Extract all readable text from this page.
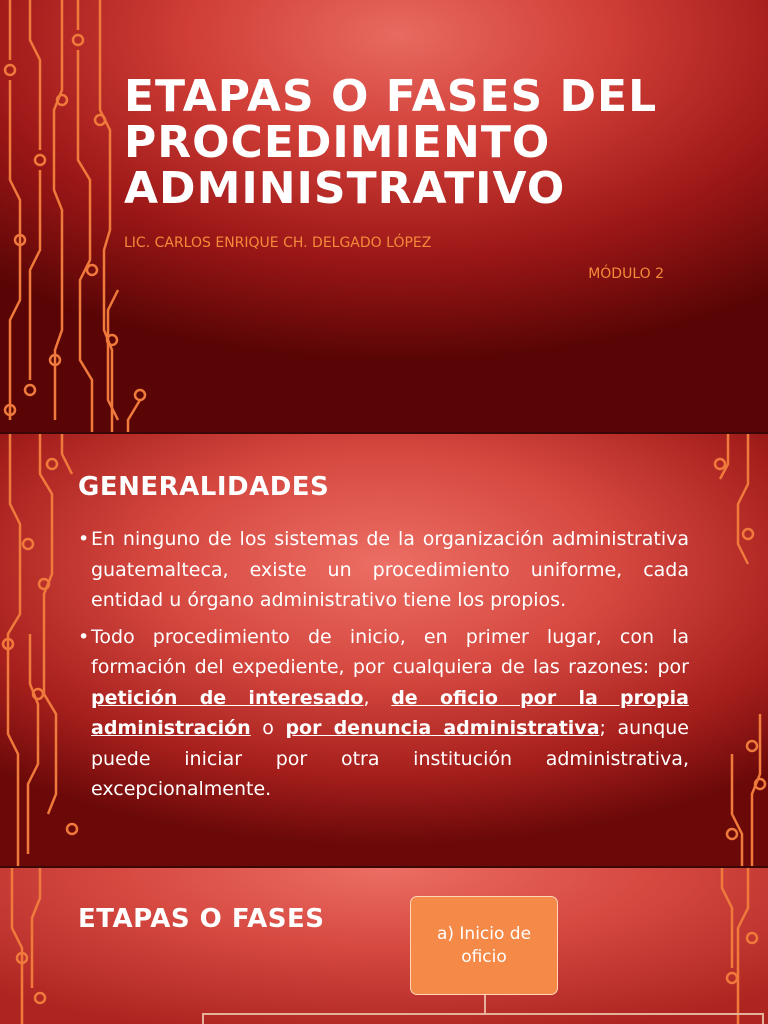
ETAPAS O FASES DEL
PROCEDIMIENTO
ADMINISTRATIVO

LIC. CARLOS ENRIQUE CH. DELGADO LÓPEZ

MÓDULO 2

GENERALIDADES
• En ninguno de los sistemas de la organización administrativa guatemalteca, existe un procedimiento uniforme, cada entidad u órgano administrativo tiene los propios.
• Todo procedimiento de inicio, en primer lugar, con la formación del expediente, por cualquiera de las razones: por petición de interesado, de oficio por la propia administración o por denuncia administrativa; aunque puede iniciar por otra institución administrativa, excepcionalmente.
ETAPAS O FASES	a) Inicio de oficio
